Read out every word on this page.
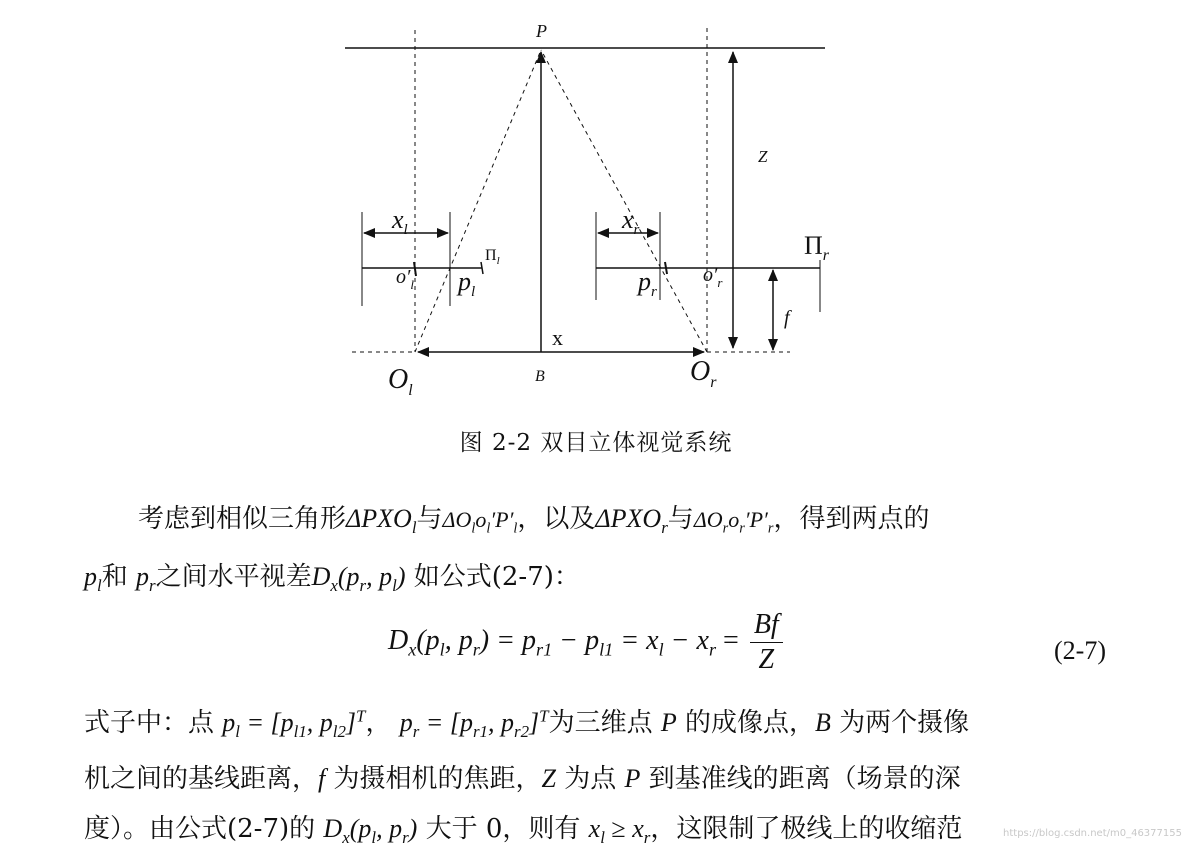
P
Z
$x_l$	$x_r$
$\Pi_l$
$\Pi_r$
$o'_l$	$o'_r$
$p_l$	$p_r$
f
x
$O_l$
$O_r$
B
图 2-2 双目立体视觉系统
考虑到相似三角形$\Delta PXO_l$与$\Delta O_lo_l'P'_l$，以及$\Delta PXO_r$与$\Delta O_ro_r'P'_r$，得到两点的
$p_l$和 $p_r$之间水平视差$D_x(p_r$, $p_l$) 如公式(2-7)：
$D_x(p_l$, $p_r) = p_{r1} - p_{l1} = x_l - x_r = \frac{Bf}{Z}$	(2-7)
式子中：点 $p_l = [p_{l1}$, $p_{l2}]^T$， $p_r = [p_{r1}$, $p_{r2}]^T$为三维点 P 的成像点，B 为两个摄像
机之间的基线距离，f 为摄相机的焦距，Z 为点 P 到基准线的距离（场景的深
度）。由公式(2-7)的 $D_x(p_l$, $p_r$) 大于 0，则有 $x_l \ge x_r$，这限制了极线上的收缩范	https://blog.csdn.net/m0_46377155
